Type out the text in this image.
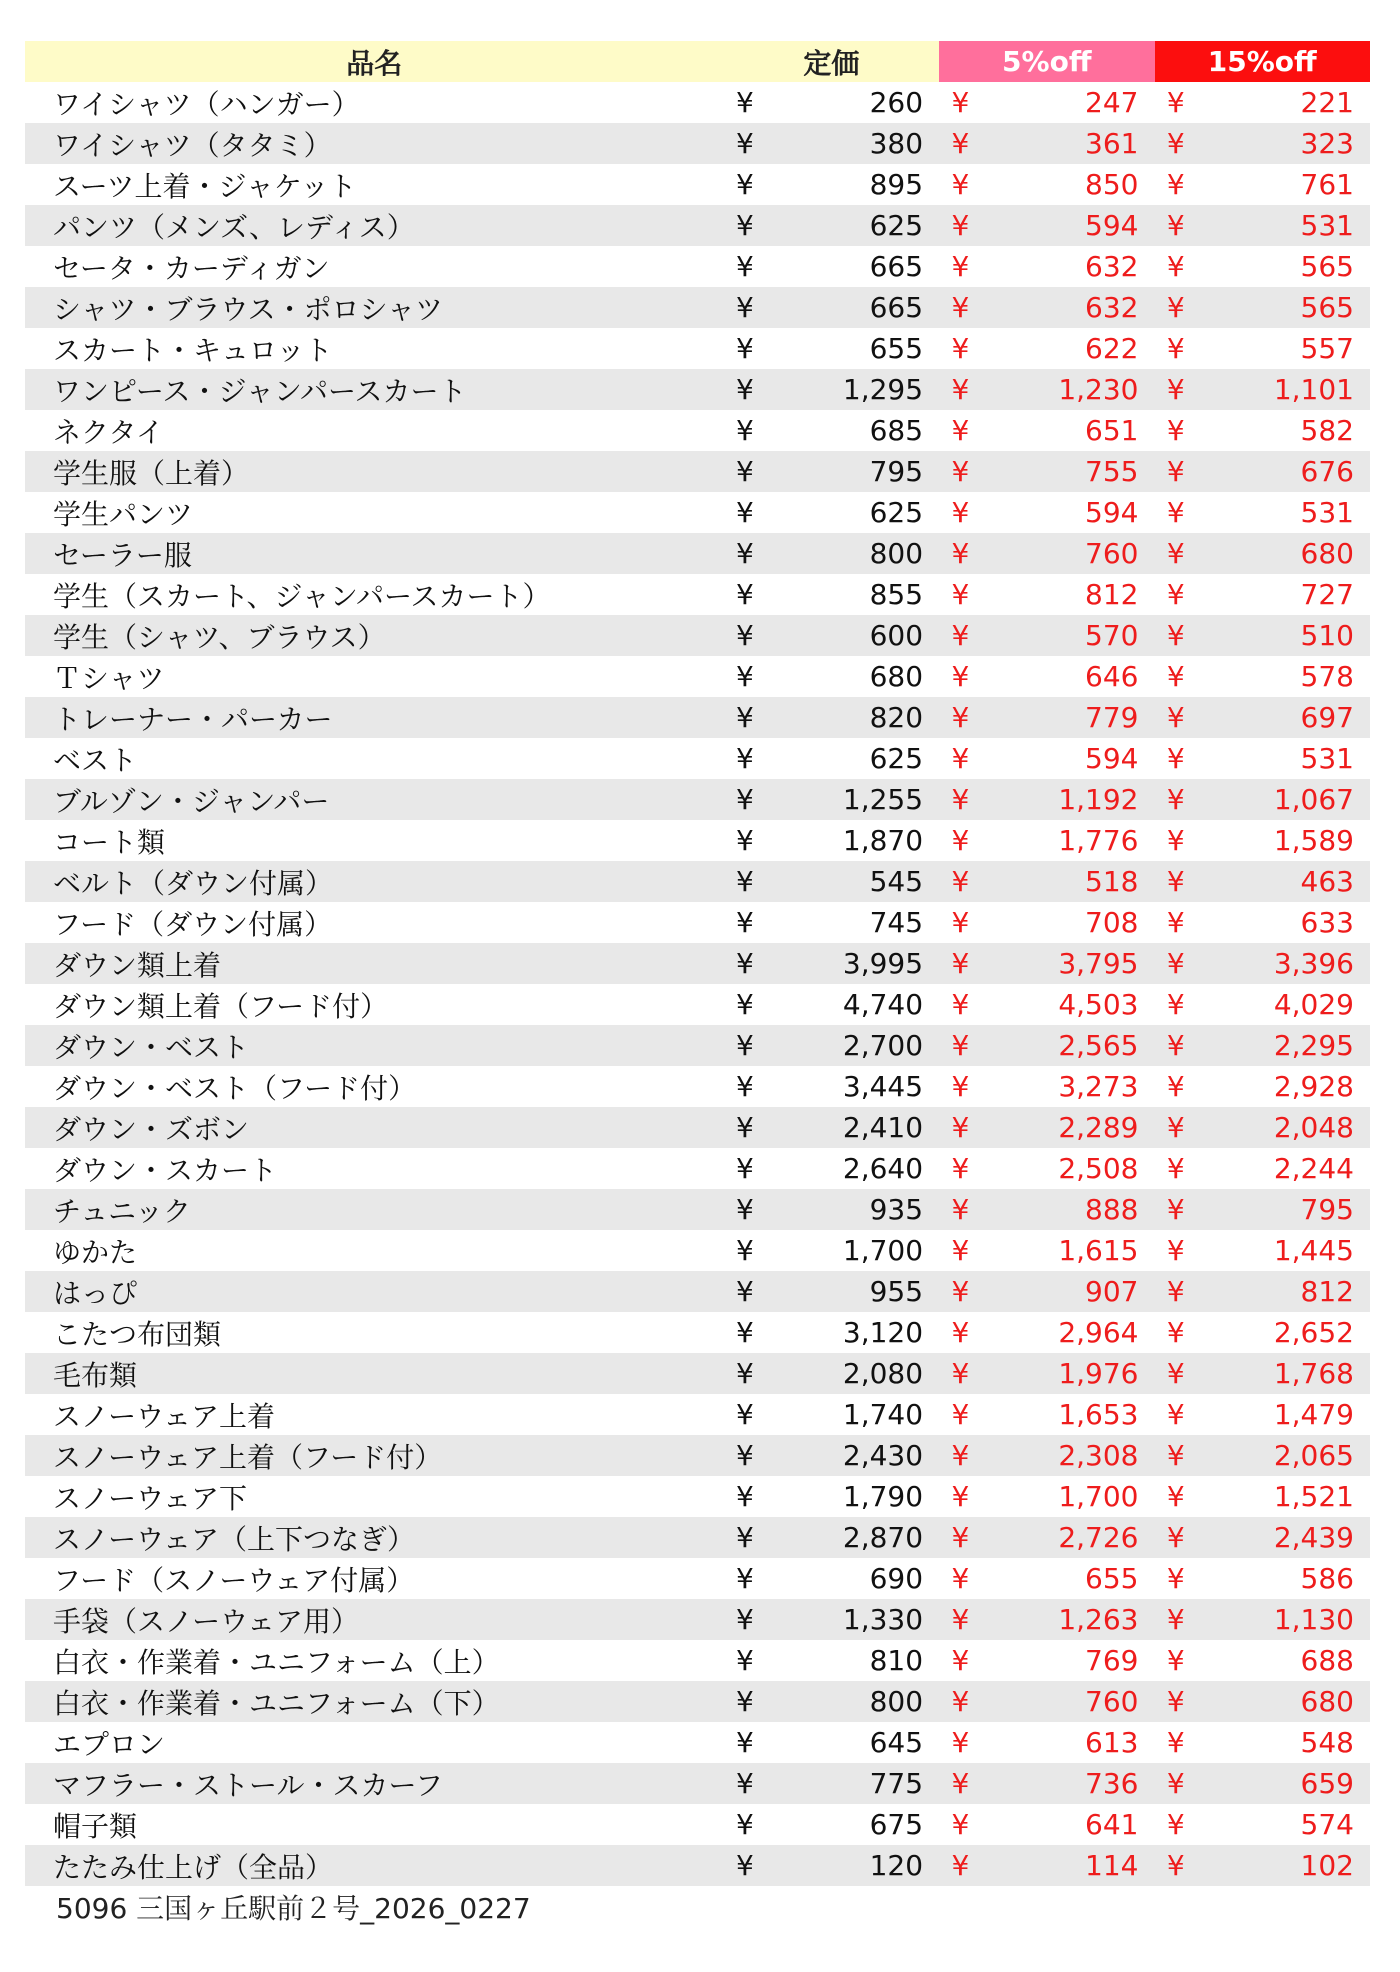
品名	定価		5%off		15%off	
ワイシャツ（ハンガー）	¥	260	¥	247	¥	221
ワイシャツ（タタミ）	¥	380	¥	361	¥	323
スーツ上着・ジャケット	¥	895	¥	850	¥	761
パンツ（メンズ、レディス）	¥	625	¥	594	¥	531
セータ・カーディガン	¥	665	¥	632	¥	565
シャツ・ブラウス・ポロシャツ	¥	665	¥	632	¥	565
スカート・キュロット	¥	655	¥	622	¥	557
ワンピース・ジャンパースカート	¥	1,295	¥	1,230	¥	1,101
ネクタイ	¥	685	¥	651	¥	582
学生服（上着）	¥	795	¥	755	¥	676
学生パンツ	¥	625	¥	594	¥	531
セーラー服	¥	800	¥	760	¥	680
学生（スカート、ジャンパースカート）	¥	855	¥	812	¥	727
学生（シャツ、ブラウス）	¥	600	¥	570	¥	510
Ｔシャツ	¥	680	¥	646	¥	578
トレーナー・パーカー	¥	820	¥	779	¥	697
ベスト	¥	625	¥	594	¥	531
ブルゾン・ジャンパー	¥	1,255	¥	1,192	¥	1,067
コート類	¥	1,870	¥	1,776	¥	1,589
ベルト（ダウン付属）	¥	545	¥	518	¥	463
フード（ダウン付属）	¥	745	¥	708	¥	633
ダウン類上着	¥	3,995	¥	3,795	¥	3,396
ダウン類上着（フード付）	¥	4,740	¥	4,503	¥	4,029
ダウン・ベスト	¥	2,700	¥	2,565	¥	2,295
ダウン・ベスト（フード付）	¥	3,445	¥	3,273	¥	2,928
ダウン・ズボン	¥	2,410	¥	2,289	¥	2,048
ダウン・スカート	¥	2,640	¥	2,508	¥	2,244
チュニック	¥	935	¥	888	¥	795
ゆかた	¥	1,700	¥	1,615	¥	1,445
はっぴ	¥	955	¥	907	¥	812
こたつ布団類	¥	3,120	¥	2,964	¥	2,652
毛布類	¥	2,080	¥	1,976	¥	1,768
スノーウェア上着	¥	1,740	¥	1,653	¥	1,479
スノーウェア上着（フード付）	¥	2,430	¥	2,308	¥	2,065
スノーウェア下	¥	1,790	¥	1,700	¥	1,521
スノーウェア（上下つなぎ）	¥	2,870	¥	2,726	¥	2,439
フード（スノーウェア付属）	¥	690	¥	655	¥	586
手袋（スノーウェア用）	¥	1,330	¥	1,263	¥	1,130
白衣・作業着・ユニフォーム（上）	¥	810	¥	769	¥	688
白衣・作業着・ユニフォーム（下）	¥	800	¥	760	¥	680
エプロン	¥	645	¥	613	¥	548
マフラー・ストール・スカーフ	¥	775	¥	736	¥	659
帽子類	¥	675	¥	641	¥	574
たたみ仕上げ（全品）	¥	120	¥	114	¥	102
5096 三国ヶ丘駅前２号_2026_0227
